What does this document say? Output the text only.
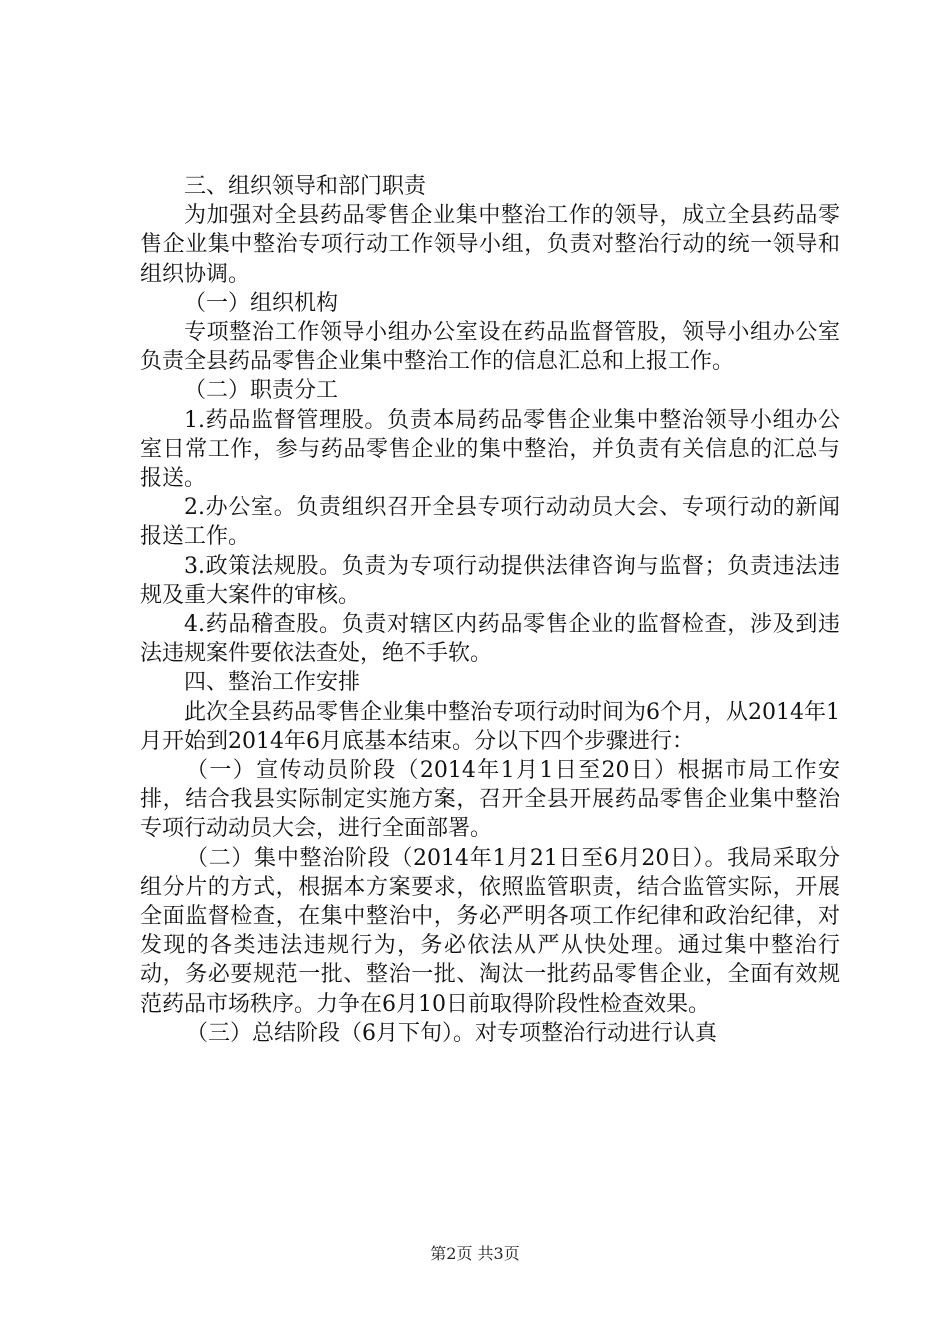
三、组织领导和部门职责

为加强对全县药品零售企业集中整治工作的领导，成立全县药品零售企业集中整治专项行动工作领导小组，负责对整治行动的统一领导和组织协调。

（一）组织机构

专项整治工作领导小组办公室设在药品监督管股，领导小组办公室负责全县药品零售企业集中整治工作的信息汇总和上报工作。

（二）职责分工

1.药品监督管理股。负责本局药品零售企业集中整治领导小组办公室日常工作，参与药品零售企业的集中整治，并负责有关信息的汇总与报送。

2.办公室。负责组织召开全县专项行动动员大会、专项行动的新闻报送工作。

3.政策法规股。负责为专项行动提供法律咨询与监督；负责违法违规及重大案件的审核。

4.药品稽查股。负责对辖区内药品零售企业的监督检查，涉及到违法违规案件要依法查处，绝不手软。

四、整治工作安排

此次全县药品零售企业集中整治专项行动时间为6个月，从2014年1月开始到2014年6月底基本结束。分以下四个步骤进行：

（一）宣传动员阶段（2014年1月1日至20日）根据市局工作安排，结合我县实际制定实施方案，召开全县开展药品零售企业集中整治专项行动动员大会，进行全面部署。

（二）集中整治阶段（2014年1月21日至6月20日）。我局采取分组分片的方式，根据本方案要求，依照监管职责，结合监管实际，开展全面监督检查，在集中整治中，务必严明各项工作纪律和政治纪律，对发现的各类违法违规行为，务必依法从严从快处理。通过集中整治行动，务必要规范一批、整治一批、淘汰一批药品零售企业，全面有效规范药品市场秩序。力争在6月10日前取得阶段性检查效果。

（三）总结阶段（6月下旬）。对专项整治行动进行认真

第2页 共3页
